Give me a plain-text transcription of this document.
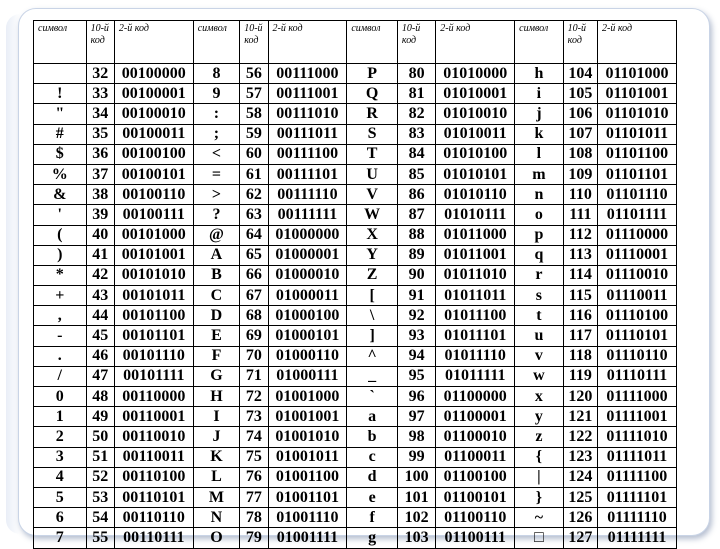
символ	10-й код	2-й код	символ	10-й код	2-й код	символ	10-й код	2-й код	символ	10-й код	2-й код
	32	00100000	8	56	00111000	P	80	01010000	h	104	01101000
!	33	00100001	9	57	00111001	Q	81	01010001	i	105	01101001
"	34	00100010	:	58	00111010	R	82	01010010	j	106	01101010
#	35	00100011	;	59	00111011	S	83	01010011	k	107	01101011
$	36	00100100	<	60	00111100	T	84	01010100	l	108	01101100
%	37	00100101	=	61	00111101	U	85	01010101	m	109	01101101
&	38	00100110	>	62	00111110	V	86	01010110	n	110	01101110
'	39	00100111	?	63	00111111	W	87	01010111	o	111	01101111
(	40	00101000	@	64	01000000	X	88	01011000	p	112	01110000
)	41	00101001	A	65	01000001	Y	89	01011001	q	113	01110001
*	42	00101010	B	66	01000010	Z	90	01011010	r	114	01110010
+	43	00101011	C	67	01000011	[	91	01011011	s	115	01110011
,	44	00101100	D	68	01000100	\	92	01011100	t	116	01110100
-	45	00101101	E	69	01000101	]	93	01011101	u	117	01110101
.	46	00101110	F	70	01000110	^	94	01011110	v	118	01110110
/	47	00101111	G	71	01000111	_	95	01011111	w	119	01110111
0	48	00110000	H	72	01001000	`	96	01100000	x	120	01111000
1	49	00110001	I	73	01001001	a	97	01100001	y	121	01111001
2	50	00110010	J	74	01001010	b	98	01100010	z	122	01111010
3	51	00110011	K	75	01001011	c	99	01100011	{	123	01111011
4	52	00110100	L	76	01001100	d	100	01100100	|	124	01111100
5	53	00110101	M	77	01001101	e	101	01100101	}	125	01111101
6	54	00110110	N	78	01001110	f	102	01100110	~	126	01111110
7	55	00110111	O	79	01001111	g	103	01100111	□	127	01111111
